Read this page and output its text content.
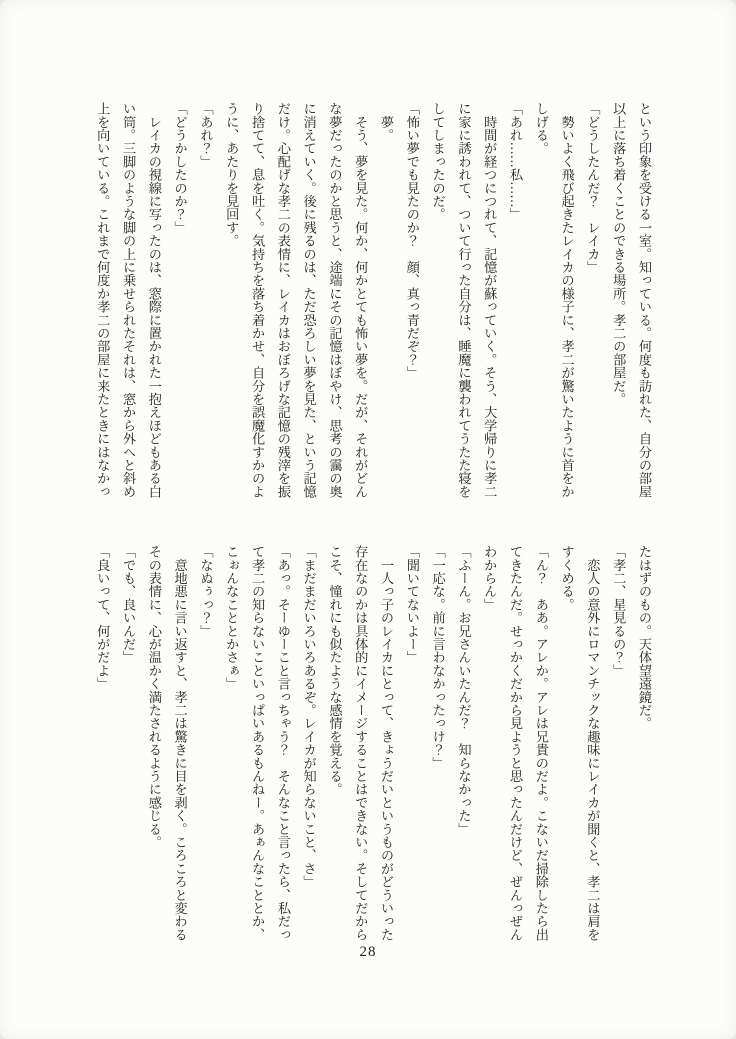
という印象を受ける一室。知っている。何度も訪れた、自分の部屋
以上に落ち着くことのできる場所。孝二の部屋だ。
「どうしたんだ？　レイカ」
　勢いよく飛び起きたレイカの様子に、孝二が驚いたように首をか
しげる。
「あれ……私……」
　時間が経つにつれて、記憶が蘇っていく。そう、大学帰りに孝二
に家に誘われて、ついて行った自分は、睡魔に襲われてうたた寝を
してしまったのだ。
「怖い夢でも見たのか？　顔、真っ青だぞ？」
　夢。
　そう、夢を見た。何か、何かとても怖い夢を。だが、それがどん
な夢だったのかと思うと、途端にその記憶はぼやけ、思考の靄の奥
に消えていく。後に残るのは、ただ恐ろしい夢を見た、という記憶
だけ。心配げな孝二の表情に、レイカはおぼろげな記憶の残滓を振
り捨てて、息を吐く。気持ちを落ち着かせ、自分を誤魔化すかのよ
うに、あたりを見回す。
「あれ？」
「どうかしたのか？」
　レイカの視線に写ったのは、窓際に置かれた一抱えほどもある白
い筒。三脚のような脚の上に乗せられたそれは、窓から外へと斜め
上を向いている。これまで何度か孝二の部屋に来たときにはなかっ
たはずのもの。天体望遠鏡だ。
「孝二、星見るの？」
　恋人の意外にロマンチックな趣味にレイカが聞くと、孝二は肩を
すくめる。
「ん？　ああ。アレか。アレは兄貴のだよ。こないだ掃除したら出
てきたんだ。せっかくだから見ようと思ったんだけど、ぜんっぜん
わからん」
「ふーん。お兄さんいたんだ？　知らなかった」
「一応な。前に言わなかったっけ？」
「聞いてないよー」
　一人っ子のレイカにとって、きょうだいというものがどういった
存在なのかは具体的にイメージすることはできない。そしてだから
こそ、憧れにも似たような感情を覚える。
「まだまだいろいろあるぞ。レイカが知らないこと、さ」
「あっ。そーゆーこと言っちゃう？　そんなこと言ったら、私だっ
て孝二の知らないこといっぱいあるもんねー。あぁんなこととか、
こぉんなこととかさぁ」
「なぬぅっ？」
　意地悪に言い返すと、孝二は驚きに目を剥く。ころころと変わる
その表情に、心が温かく満たされるように感じる。
「でも、良いんだ」
「良いって、何がだよ」
28
